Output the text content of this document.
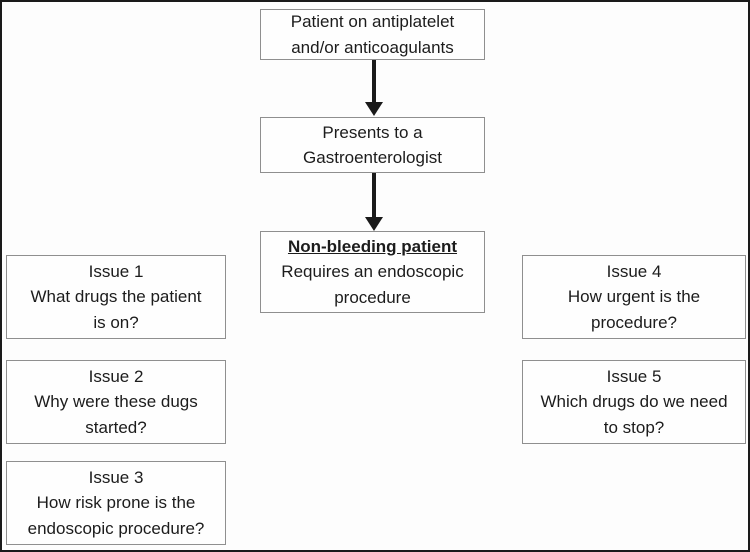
Patient on antiplatelet
and/or anticoagulants
Presents to a
Gastroenterologist
Non-bleeding patient
Requires an endoscopic
procedure
Issue 1
What drugs the patient
is on?
Issue 2
Why were these dugs
started?
Issue 3
How risk prone is the
endoscopic procedure?
Issue 4
How urgent is the
procedure?
Issue 5
Which drugs do we need
to stop?
